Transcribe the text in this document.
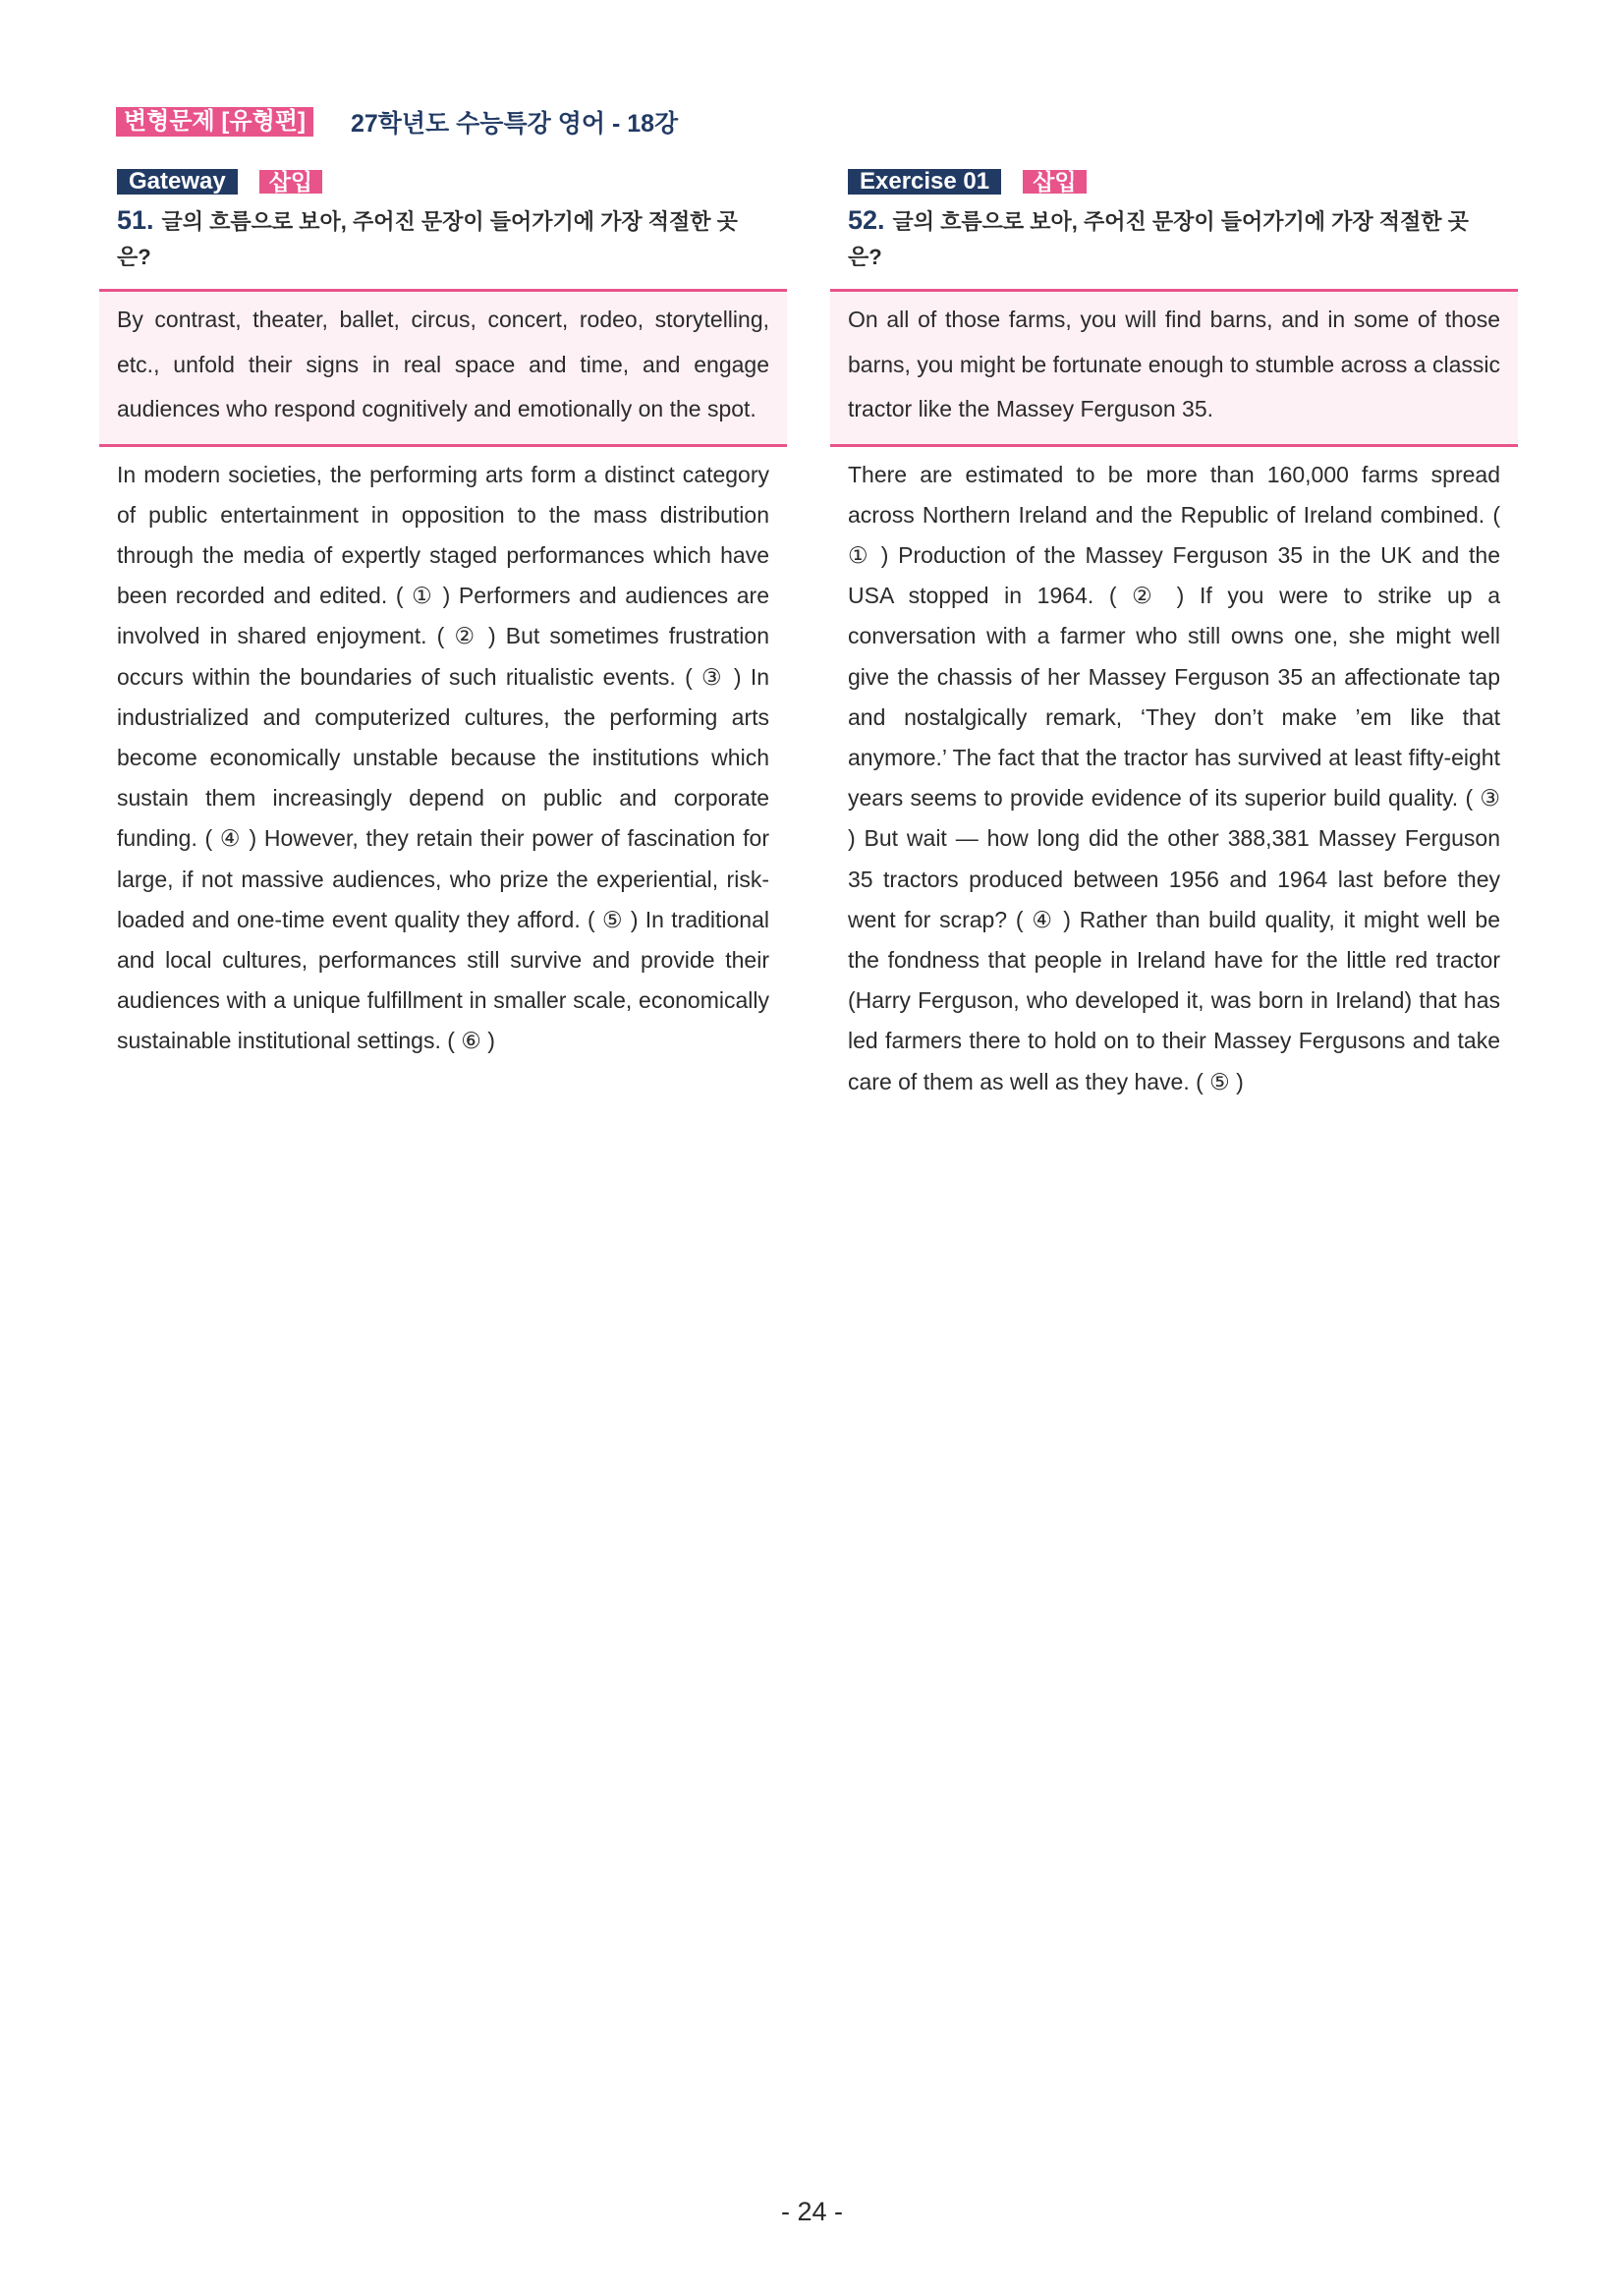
변형문제 [유형편]	27학년도 수능특강 영어 - 18강
Gateway	삽입
51. 글의 흐름으로 보아, 주어진 문장이 들어가기에 가장 적절한 곳은?
By contrast, theater, ballet, circus, concert, rodeo, storytelling, etc., unfold their signs in real space and time, and engage audiences who respond cognitively and emotionally on the spot.
In modern societies, the performing arts form a distinct category of public entertainment in opposition to the mass distribution through the media of expertly staged performances which have been recorded and edited. ( ① ) Performers and audiences are involved in shared enjoyment. ( ② ) But sometimes frustration occurs within the boundaries of such ritualistic events. ( ③ ) In industrialized and computerized cultures, the performing arts become economically unstable because the institutions which sustain them increasingly depend on public and corporate funding. ( ④ ) However, they retain their power of fascination for large, if not massive audiences, who prize the experiential, risk-loaded and one-time event quality they afford. ( ⑤ ) In traditional and local cultures, performances still survive and provide their audiences with a unique fulfillment in smaller scale, economically sustainable institutional settings. ( ⑥ )
Exercise 01	삽입
52. 글의 흐름으로 보아, 주어진 문장이 들어가기에 가장 적절한 곳은?
On all of those farms, you will find barns, and in some of those barns, you might be fortunate enough to stumble across a classic tractor like the Massey Ferguson 35.
There are estimated to be more than 160,000 farms spread across Northern Ireland and the Republic of Ireland combined. ( ① ) Production of the Massey Ferguson 35 in the UK and the USA stopped in 1964. ( ② ) If you were to strike up a conversation with a farmer who still owns one, she might well give the chassis of her Massey Ferguson 35 an affectionate tap and nostalgically remark, ‘They don’t make ’em like that anymore.’ The fact that the tractor has survived at least fifty-eight years seems to provide evidence of its superior build quality. ( ③ ) But wait — how long did the other 388,381 Massey Ferguson 35 tractors produced between 1956 and 1964 last before they went for scrap? ( ④ ) Rather than build quality, it might well be the fondness that people in Ireland have for the little red tractor (Harry Ferguson, who developed it, was born in Ireland) that has led farmers there to hold on to their Massey Fergusons and take care of them as well as they have. ( ⑤ )
- 24 -
